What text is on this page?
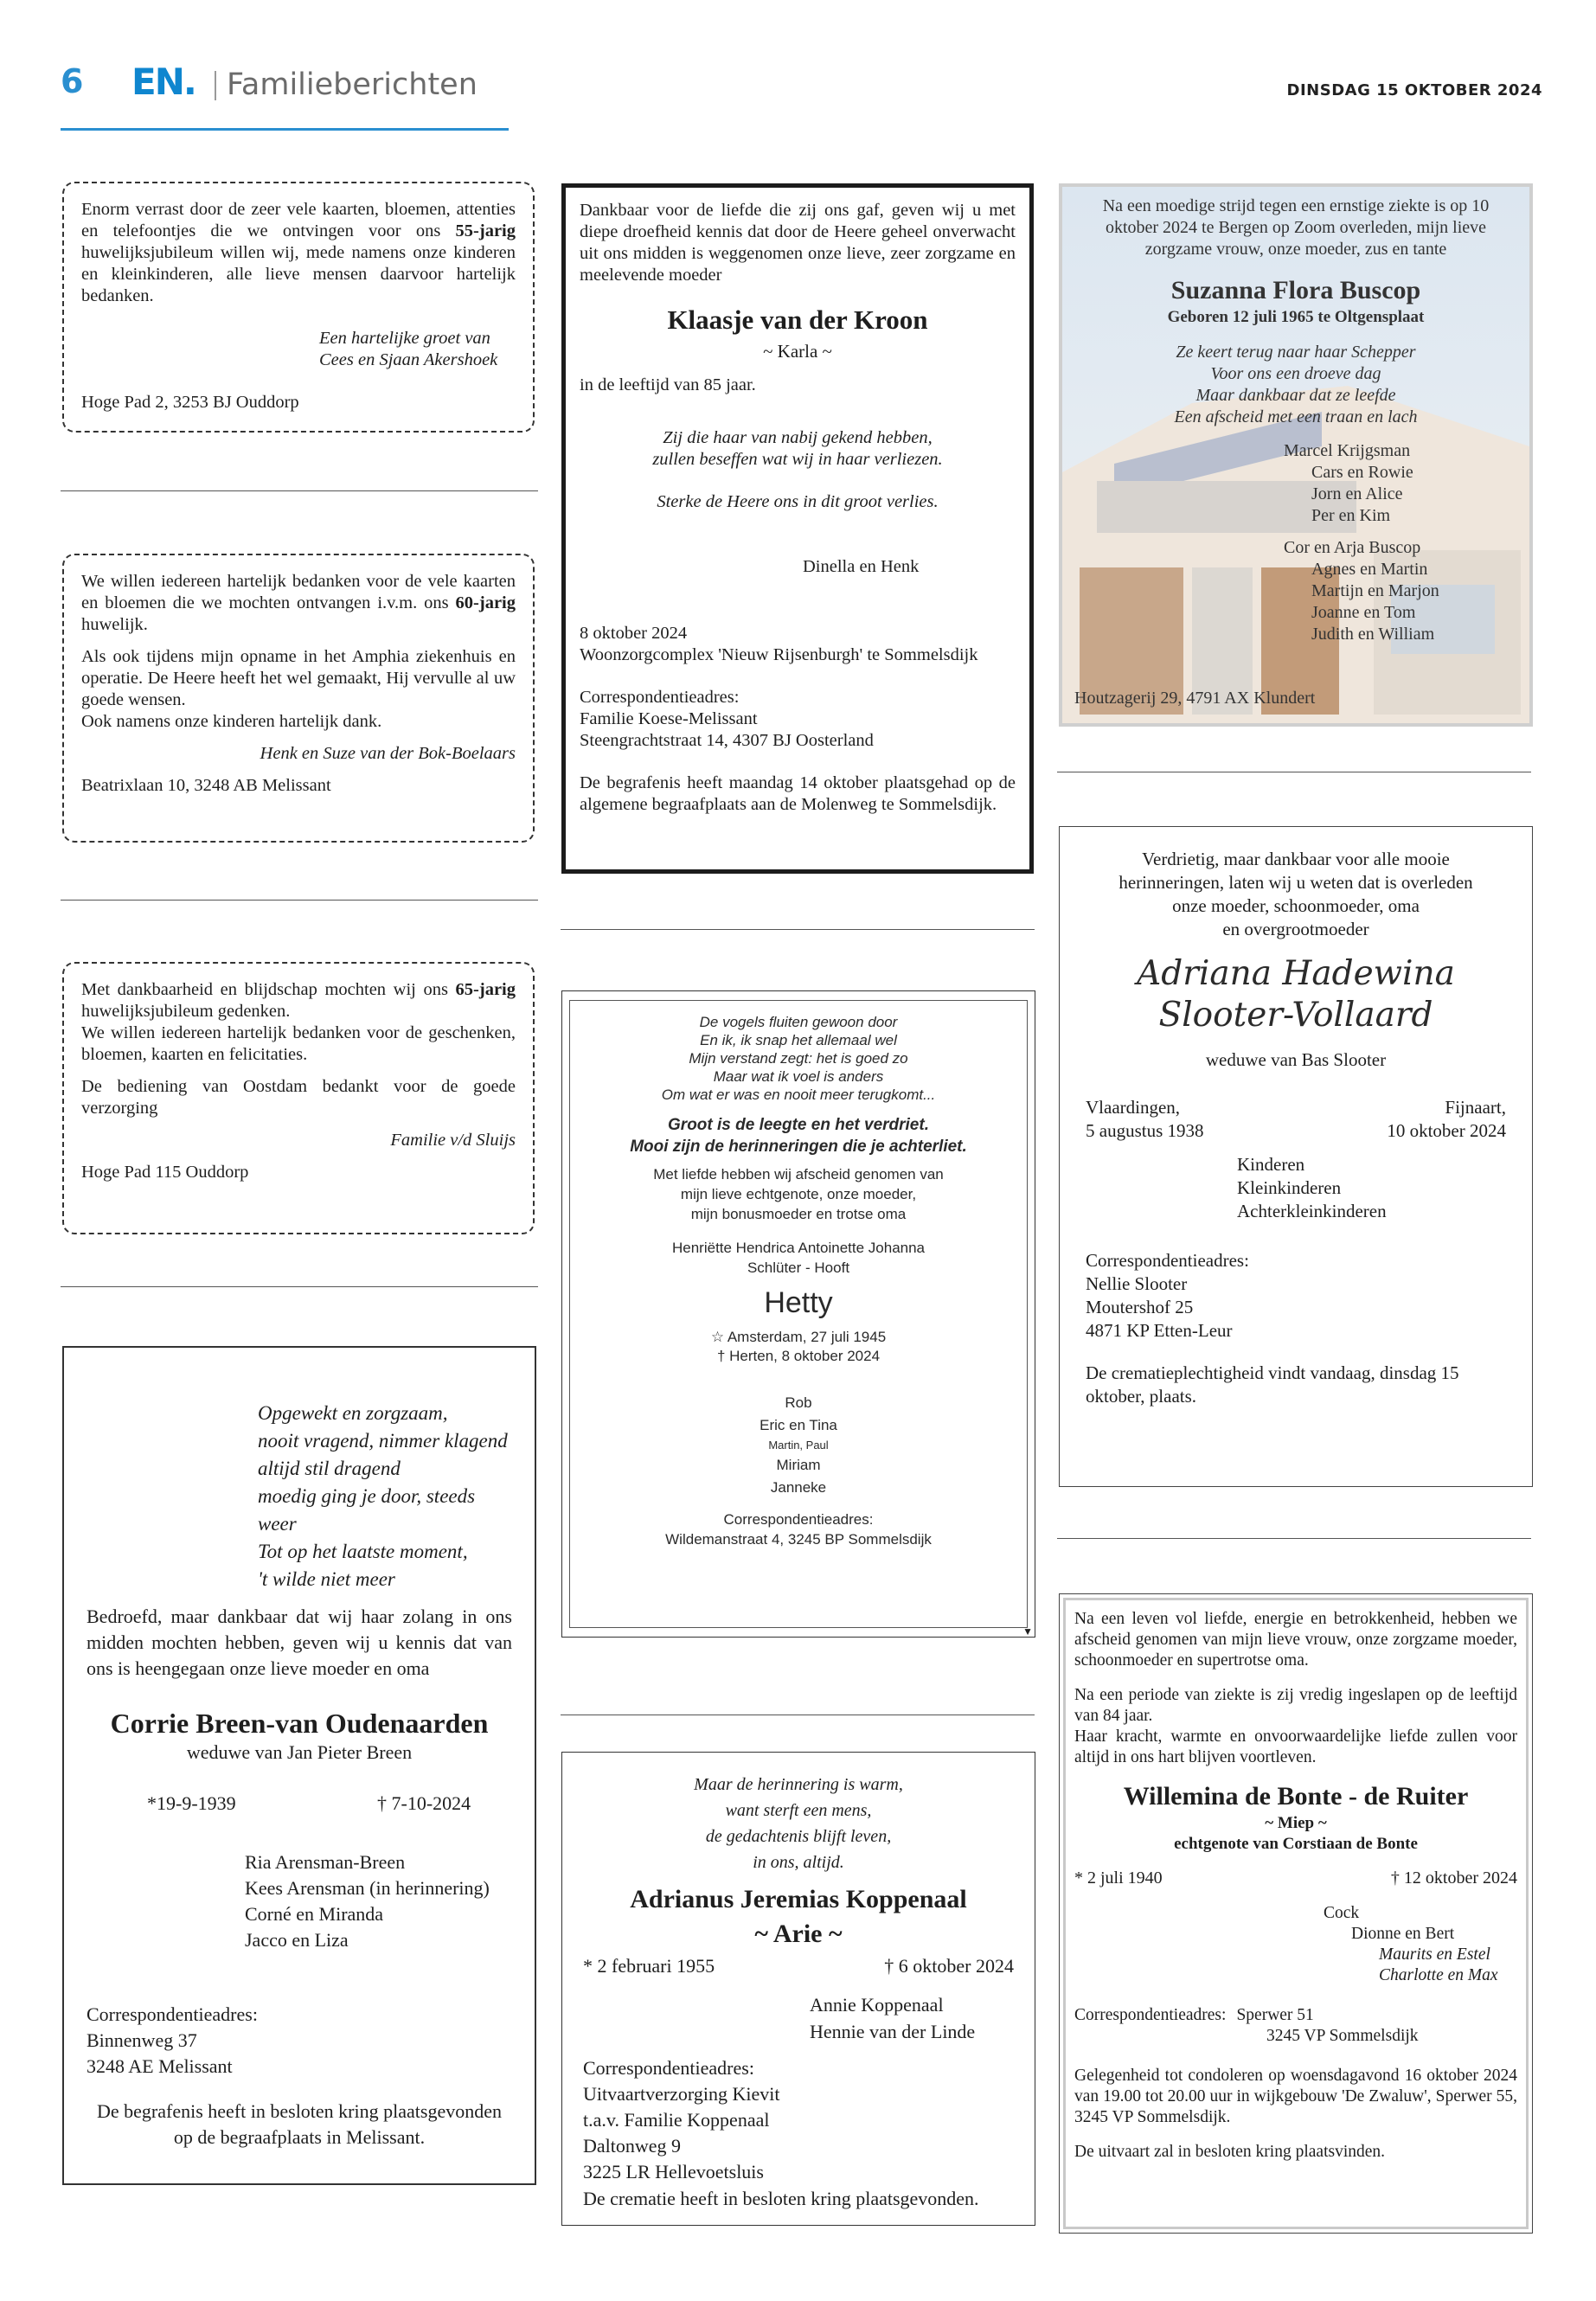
6 EN. Familieberichten	DINSDAG 15 OKTOBER 2024

Enorm verrast door de zeer vele kaarten, bloemen, attenties en telefoontjes die we ontvingen voor ons 55-jarig huwelijksjubileum willen wij, mede namens onze kinderen en kleinkinderen, alle lieve mensen daarvoor hartelijk bedanken.

Een hartelijke groet van

Cees en Sjaan Akershoek

Hoge Pad 2, 3253 BJ Ouddorp

We willen iedereen hartelijk bedanken voor de vele kaarten en bloemen die we mochten ontvangen i.v.m. ons 60-jarig huwelijk.

Als ook tijdens mijn opname in het Amphia ziekenhuis en operatie. De Heere heeft het wel gemaakt, Hij vervulle al uw goede wensen.

Ook namens onze kinderen hartelijk dank.

Henk en Suze van der Bok-Boelaars

Beatrixlaan 10, 3248 AB Melissant

Met dankbaarheid en blijdschap mochten wij ons 65-jarig huwelijksjubileum gedenken.

We willen iedereen hartelijk bedanken voor de geschenken, bloemen, kaarten en felicitaties.

De bediening van Oostdam bedankt voor de goede verzorging

Familie v/d Sluijs

Hoge Pad 115 Ouddorp

Opgewekt en zorgzaam,

nooit vragend, nimmer klagend

altijd stil dragend

moedig ging je door, steeds weer

Tot op het laatste moment,

't wilde niet meer

Bedroefd, maar dankbaar dat wij haar zolang in ons midden mochten hebben, geven wij u kennis dat van ons is heengegaan onze lieve moeder en oma

Corrie Breen-van Oudenaarden

weduwe van Jan Pieter Breen

*19-9-1939	† 7-10-2024

Ria Arensman-Breen

Kees Arensman (in herinnering)

Corné en Miranda

Jacco en Liza

Correspondentieadres:

Binnenweg 37

3248 AE Melissant

De begrafenis heeft in besloten kring plaatsgevonden op de begraafplaats in Melissant.

Dankbaar voor de liefde die zij ons gaf, geven wij u met diepe droefheid kennis dat door de Heere geheel onverwacht uit ons midden is weggenomen onze lieve, zeer zorgzame en meelevende moeder

Klaasje van der Kroon

~ Karla ~

in de leeftijd van 85 jaar.

Zij die haar van nabij gekend hebben,

zullen beseffen wat wij in haar verliezen.

Sterke de Heere ons in dit groot verlies.

Dinella en Henk

8 oktober 2024

Woonzorgcomplex 'Nieuw Rijsenburgh' te Sommelsdijk

Correspondentieadres:

Familie Koese-Melissant

Steengrachtstraat 14, 4307 BJ Oosterland

De begrafenis heeft maandag 14 oktober plaatsgehad op de algemene begraafplaats aan de Molenweg te Sommelsdijk.

De vogels fluiten gewoon door

En ik, ik snap het allemaal wel

Mijn verstand zegt: het is goed zo

Maar wat ik voel is anders

Om wat er was en nooit meer terugkomt...

Groot is de leegte en het verdriet.

Mooi zijn de herinneringen die je achterliet.

Met liefde hebben wij afscheid genomen van

mijn lieve echtgenote, onze moeder,

mijn bonusmoeder en trotse oma

Henriëtte Hendrica Antoinette Johanna

Schlüter - Hooft

Hetty

☆ Amsterdam, 27 juli 1945

† Herten, 8 oktober 2024

Rob

Eric en Tina

Martin, Paul

Miriam

Janneke

Correspondentieadres:

Wildemanstraat 4, 3245 BP Sommelsdijk

▼

Maar de herinnering is warm,

want sterft een mens,

de gedachtenis blijft leven,

in ons, altijd.

Adrianus Jeremias Koppenaal

~ Arie ~

* 2 februari 1955	† 6 oktober 2024

Annie Koppenaal

Hennie van der Linde

Correspondentieadres:

Uitvaartverzorging Kievit

t.a.v. Familie Koppenaal

Daltonweg 9

3225 LR Hellevoetsluis

De crematie heeft in besloten kring plaatsgevonden.

Na een moedige strijd tegen een ernstige ziekte is op 10 oktober 2024 te Bergen op Zoom overleden, mijn lieve zorgzame vrouw, onze moeder, zus en tante

Suzanna Flora Buscop

Geboren 12 juli 1965 te Oltgensplaat

Ze keert terug naar haar Schepper

Voor ons een droeve dag

Maar dankbaar dat ze leefde

Een afscheid met een traan en lach

Marcel Krijgsman

Cars en Rowie

Jorn en Alice

Per en Kim

Cor en Arja Buscop

Agnes en Martin

Martijn en Marjon

Joanne en Tom

Judith en William

Houtzagerij 29, 4791 AX Klundert

Verdrietig, maar dankbaar voor alle mooie

herinneringen, laten wij u weten dat is overleden

onze moeder, schoonmoeder, oma

en overgrootmoeder

Adriana Hadewina

Slooter-Vollaard

weduwe van Bas Slooter

Vlaardingen,

5 augustus 1938

Fijnaart,

10 oktober 2024

Kinderen

Kleinkinderen

Achterkleinkinderen

Correspondentieadres:

Nellie Slooter

Moutershof 25

4871 KP Etten-Leur

De crematieplechtigheid vindt vandaag, dinsdag 15 oktober, plaats.

Na een leven vol liefde, energie en betrokkenheid, hebben we afscheid genomen van mijn lieve vrouw, onze zorgzame moeder, schoonmoeder en supertrotse oma.

Na een periode van ziekte is zij vredig ingeslapen op de leeftijd van 84 jaar.

Haar kracht, warmte en onvoorwaardelijke liefde zullen voor altijd in ons hart blijven voortleven.

Willemina de Bonte - de Ruiter

~ Miep ~

echtgenote van Corstiaan de Bonte

* 2 juli 1940	† 12 oktober 2024

Cock

Dionne en Bert

Maurits en Estel

Charlotte en Max

Correspondentieadres: Sperwer 51

3245 VP Sommelsdijk

Gelegenheid tot condoleren op woensdagavond 16 oktober 2024 van 19.00 tot 20.00 uur in wijkgebouw 'De Zwaluw', Sperwer 55, 3245 VP Sommelsdijk.

De uitvaart zal in besloten kring plaatsvinden.
